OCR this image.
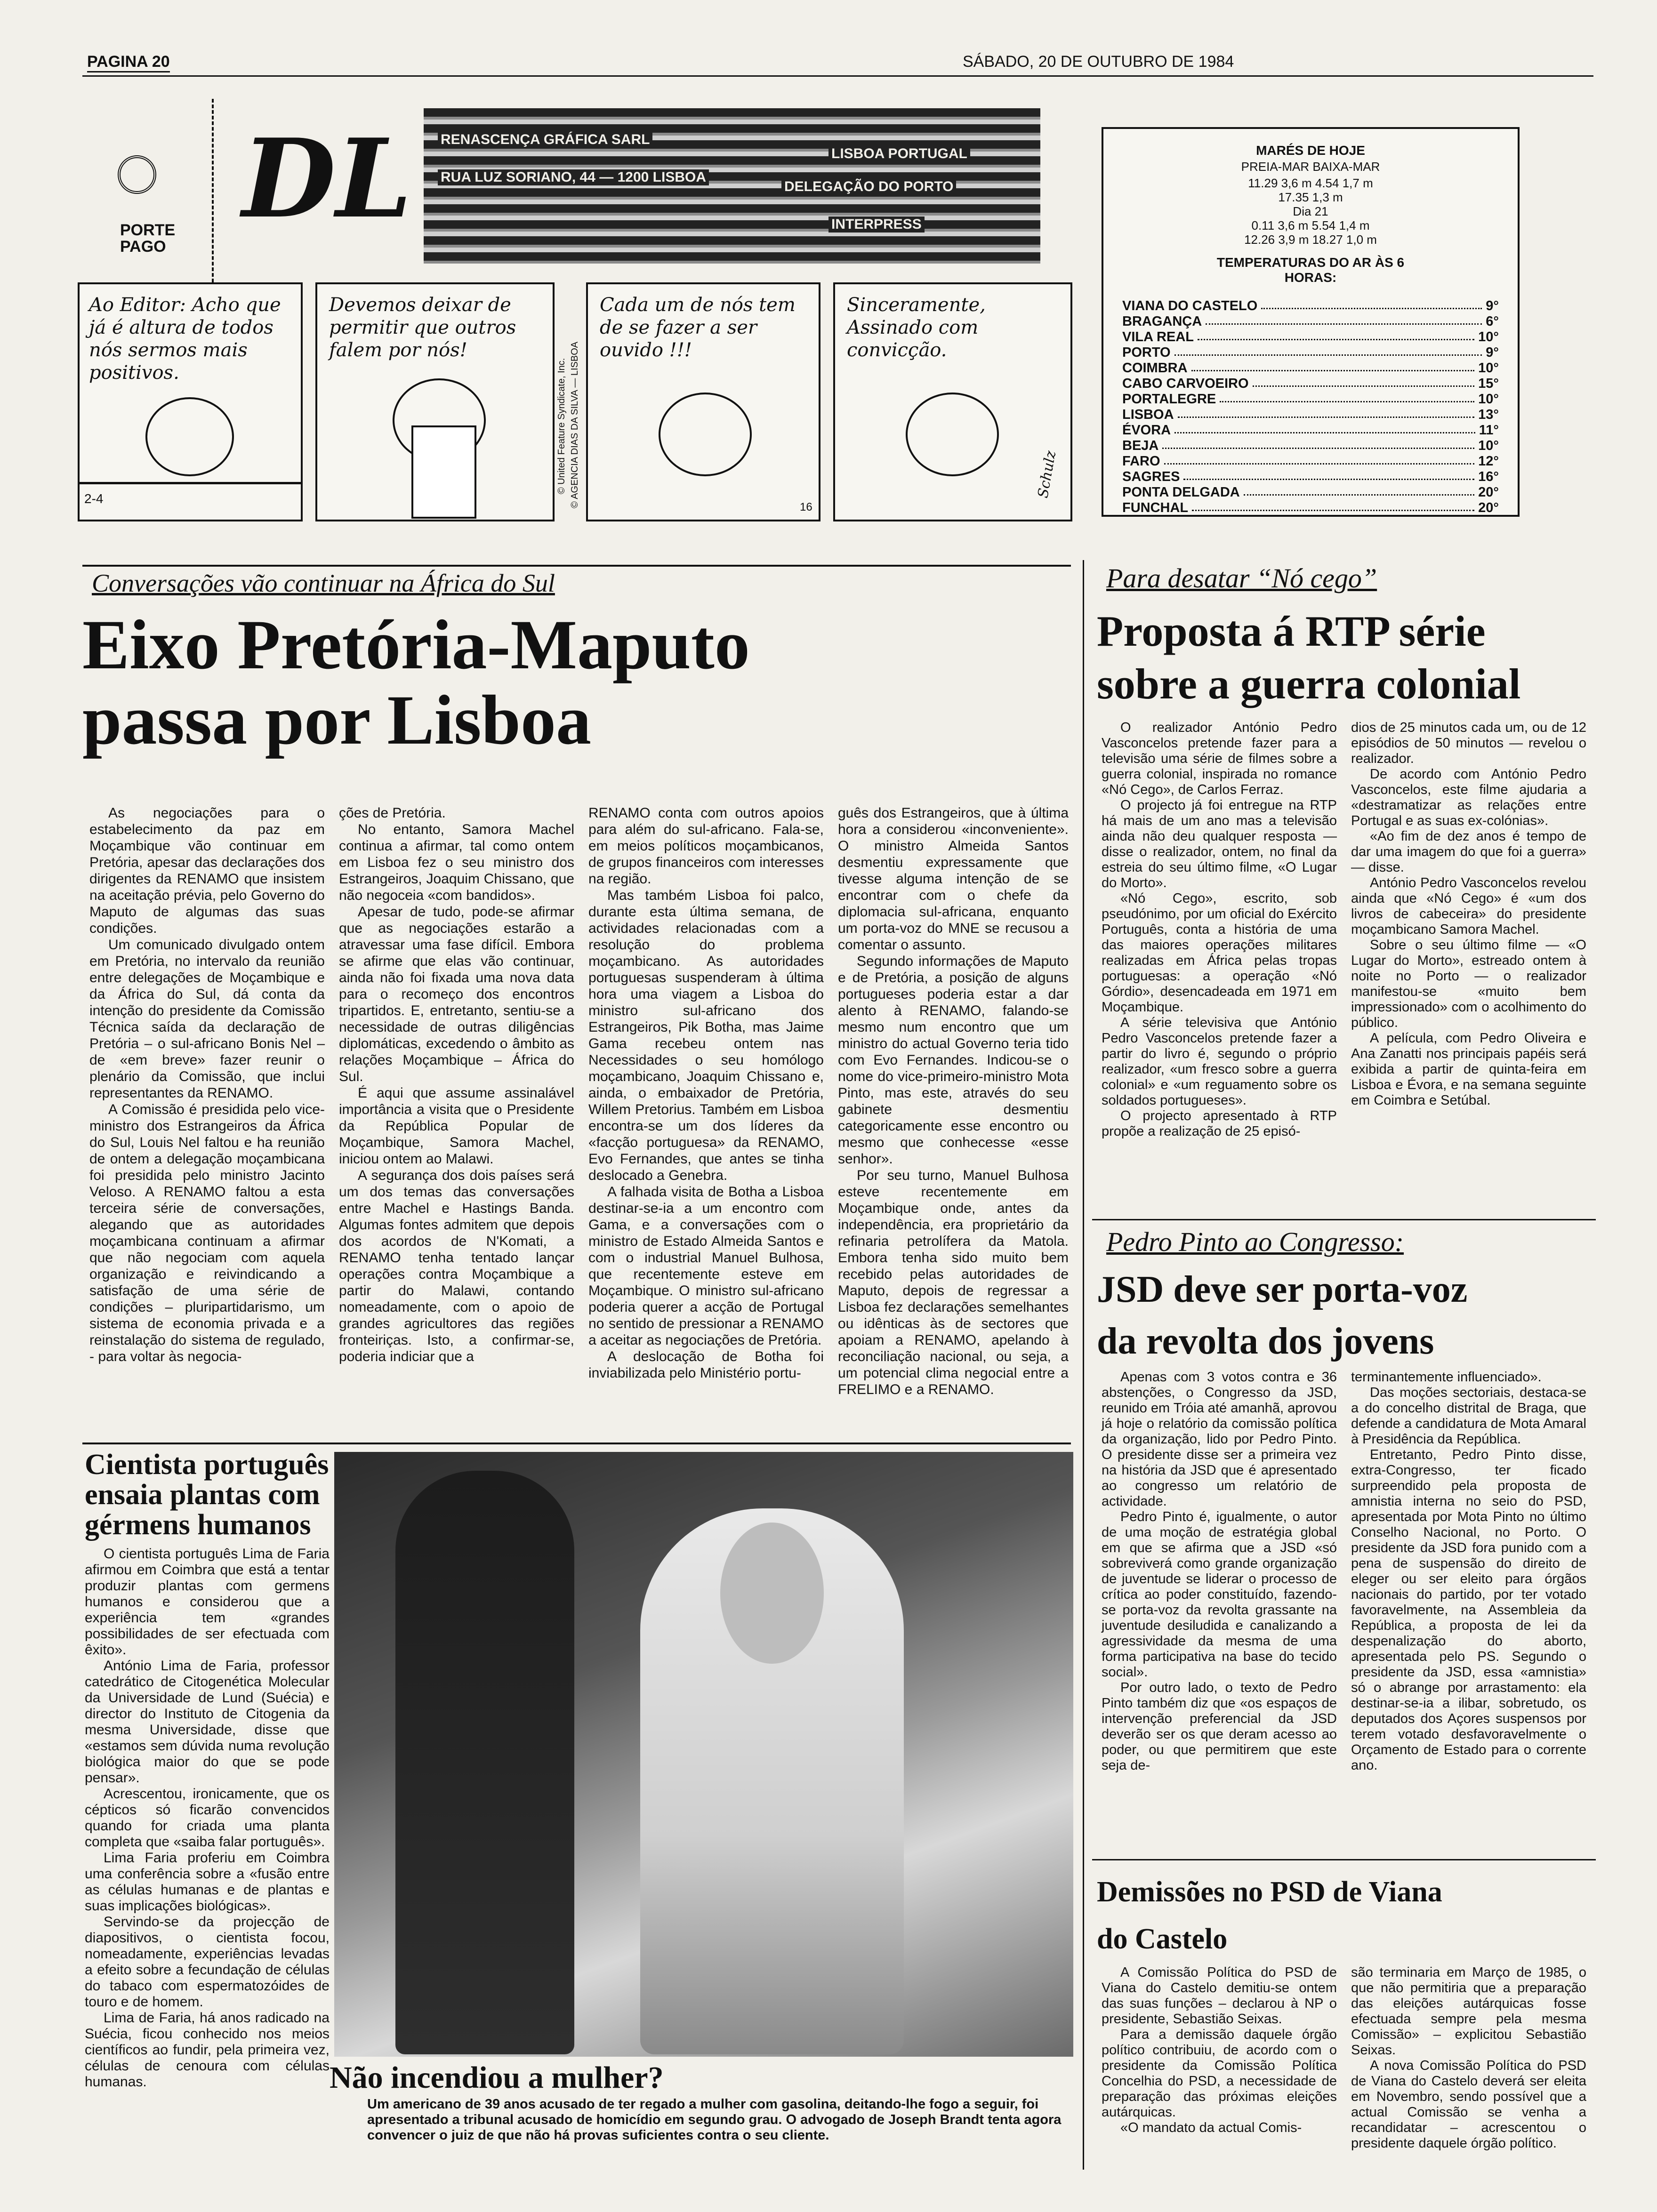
PAGINA 20	SÁBADO, 20 DE OUTUBRO DE 1984
PORTE
PAGO
DL RENASCENÇA GRÁFICA SARL
RUA LUZ SORIANO, 44 — 1200 LISBOA
DELEGAÇÃO DO PORTO
LISBOA PORTUGAL
INTERPRESS
Ao Editor: Acho que já é altura de todos nós sermos mais positivos.
2-4
Devemos deixar de permitir que outros falem por nós!	© AGENCIA DIAS DA SILVA — LISBOA
© United Feature Syndicate, Inc.
Cada um de nós tem de se fazer a ser ouvido !!!
16
Sinceramente, Assinado com convicção.
Schulz
MARÉS DE HOJE
PREIA-MAR BAIXA-MAR
11.29 3,6 m 4.54 1,7 m
17.35 1,3 m
Dia 21
0.11 3,6 m 5.54 1,4 m
12.26 3,9 m 18.27 1,0 m
TEMPERATURAS DO AR ÀS 6 HORAS:
VIANA DO CASTELO	9°
BRAGANÇA	6°
VILA REAL	10°
PORTO	9°
COIMBRA	10°
CABO CARVOEIRO	15°
PORTALEGRE	10°
LISBOA	13°
ÉVORA	11°
BEJA	10°
FARO	12°
SAGRES	16°
PONTA DELGADA	20°
FUNCHAL	20°
Conversações vão continuar na África do Sul
Eixo Pretória-Maputo
passa por Lisboa

As negociações para o estabelecimento da paz em Moçambique vão continuar em Pretória, apesar das declarações dos dirigentes da RENAMO que insistem na aceitação prévia, pelo Governo do Maputo de algumas das suas condições.

Um comunicado divulgado ontem em Pretória, no intervalo da reunião entre delegações de Moçambique e da África do Sul, dá conta da intenção do presidente da Comissão Técnica saída da declaração de Pretória – o sul-africano Bonis Nel – de «em breve» fazer reunir o plenário da Comissão, que inclui representantes da RENAMO.

A Comissão é presidida pelo vice-ministro dos Estrangeiros da África do Sul, Louis Nel faltou e ha reunião de ontem a delegação moçambicana foi presidida pelo ministro Jacinto Veloso. A RENAMO faltou a esta terceira série de conversações, alegando que as autoridades moçambicana continuam a afirmar que não negociam com aquela organização e reivindicando a satisfação de uma série de condições – pluripartidarismo, um sistema de economia privada e a reinstalação do sistema de regulado, - para voltar às negocia-

ções de Pretória.

No entanto, Samora Machel continua a afirmar, tal como ontem em Lisboa fez o seu ministro dos Estrangeiros, Joaquim Chissano, que não negoceia «com bandidos».

Apesar de tudo, pode-se afirmar que as negociações estarão a atravessar uma fase difícil. Embora se afirme que elas vão continuar, ainda não foi fixada uma nova data para o recomeço dos encontros tripartidos. E, entretanto, sentiu-se a necessidade de outras diligências diplomáticas, excedendo o âmbito as relações Moçambique – África do Sul.

É aqui que assume assinalável importância a visita que o Presidente da República Popular de Moçambique, Samora Machel, iniciou ontem ao Malawi.

A segurança dos dois países será um dos temas das conversações entre Machel e Hastings Banda. Algumas fontes admitem que depois dos acordos de N'Komati, a RENAMO tenha tentado lançar operações contra Moçambique a partir do Malawi, contando nomeadamente, com o apoio de grandes agricultores das regiões fronteiriças. Isto, a confirmar-se, poderia indiciar que a

RENAMO conta com outros apoios para além do sul-africano. Fala-se, em meios políticos moçambicanos, de grupos financeiros com interesses na região.

Mas também Lisboa foi palco, durante esta última semana, de actividades relacionadas com a resolução do problema moçambicano. As autoridades portuguesas suspenderam à última hora uma viagem a Lisboa do ministro sul-africano dos Estrangeiros, Pik Botha, mas Jaime Gama recebeu ontem nas Necessidades o seu homólogo moçambicano, Joaquim Chissano e, ainda, o embaixador de Pretória, Willem Pretorius. Também em Lisboa encontra-se um dos líderes da «facção portuguesa» da RENAMO, Evo Fernandes, que antes se tinha deslocado a Genebra.

A falhada visita de Botha a Lisboa destinar-se-ia a um encontro com Gama, e a conversações com o ministro de Estado Almeida Santos e com o industrial Manuel Bulhosa, que recentemente esteve em Moçambique. O ministro sul-africano poderia querer a acção de Portugal no sentido de pressionar a RENAMO a aceitar as negociações de Pretória.

A deslocação de Botha foi inviabilizada pelo Ministério portu-

guês dos Estrangeiros, que à última hora a considerou «inconveniente». O ministro Almeida Santos desmentiu expressamente que tivesse alguma intenção de se encontrar com o chefe da diplomacia sul-africana, enquanto um porta-voz do MNE se recusou a comentar o assunto.

Segundo informações de Maputo e de Pretória, a posição de alguns portugueses poderia estar a dar alento à RENAMO, falando-se mesmo num encontro que um ministro do actual Governo teria tido com Evo Fernandes. Indicou-se o nome do vice-primeiro-ministro Mota Pinto, mas este, através do seu gabinete desmentiu categoricamente esse encontro ou mesmo que conhecesse «esse senhor».

Por seu turno, Manuel Bulhosa esteve recentemente em Moçambique onde, antes da independência, era proprietário da refinaria petrolífera da Matola. Embora tenha sido muito bem recebido pelas autoridades de Maputo, depois de regressar a Lisboa fez declarações semelhantes ou idênticas às de sectores que apoiam a RENAMO, apelando à reconciliação nacional, ou seja, a um potencial clima negocial entre a FRELIMO e a RENAMO.

Para desatar “Nó cego”
Proposta á RTP série
sobre a guerra colonial

O realizador António Pedro Vasconcelos pretende fazer para a televisão uma série de filmes sobre a guerra colonial, inspirada no romance «Nó Cego», de Carlos Ferraz.

O projecto já foi entregue na RTP há mais de um ano mas a televisão ainda não deu qualquer resposta — disse o realizador, ontem, no final da estreia do seu último filme, «O Lugar do Morto».

«Nó Cego», escrito, sob pseudónimo, por um oficial do Exército Português, conta a história de uma das maiores operações militares realizadas em África pelas tropas portuguesas: a operação «Nó Górdio», desencadeada em 1971 em Moçambique.

A série televisiva que António Pedro Vasconcelos pretende fazer a partir do livro é, segundo o próprio realizador, «um fresco sobre a guerra colonial» e «um reguamento sobre os soldados portugueses».

O projecto apresentado à RTP propõe a realização de 25 episó-

dios de 25 minutos cada um, ou de 12 episódios de 50 minutos — revelou o realizador.

De acordo com António Pedro Vasconcelos, este filme ajudaria a «destramatizar as relações entre Portugal e as suas ex-colónias».

«Ao fim de dez anos é tempo de dar uma imagem do que foi a guerra» — disse.

António Pedro Vasconcelos revelou ainda que «Nó Cego» é «um dos livros de cabeceira» do presidente moçambicano Samora Machel.

Sobre o seu último filme — «O Lugar do Morto», estreado ontem à noite no Porto — o realizador manifestou-se «muito bem impressionado» com o acolhimento do público.

A película, com Pedro Oliveira e Ana Zanatti nos principais papéis será exibida a partir de quinta-feira em Lisboa e Évora, e na semana seguinte em Coimbra e Setúbal.

Pedro Pinto ao Congresso:
JSD deve ser porta-voz
da revolta dos jovens

Apenas com 3 votos contra e 36 abstenções, o Congresso da JSD, reunido em Tróia até amanhã, aprovou já hoje o relatório da comissão política da organização, lido por Pedro Pinto. O presidente disse ser a primeira vez na história da JSD que é apresentado ao congresso um relatório de actividade.

Pedro Pinto é, igualmente, o autor de uma moção de estratégia global em que se afirma que a JSD «só sobreviverá como grande organização de juventude se liderar o processo de crítica ao poder constituído, fazendo-se porta-voz da revolta grassante na juventude desiludida e canalizando a agressividade da mesma de uma forma participativa na base do tecido social».

Por outro lado, o texto de Pedro Pinto também diz que «os espaços de intervenção preferencial da JSD deverão ser os que deram acesso ao poder, ou que permitirem que este seja de-

terminantemente influenciado».

Das moções sectoriais, destaca-se a do concelho distrital de Braga, que defende a candidatura de Mota Amaral à Presidência da República.

Entretanto, Pedro Pinto disse, extra-Congresso, ter ficado surpreendido pela proposta de amnistia interna no seio do PSD, apresentada por Mota Pinto no último Conselho Nacional, no Porto. O presidente da JSD fora punido com a pena de suspensão do direito de eleger ou ser eleito para órgãos nacionais do partido, por ter votado favoravelmente, na Assembleia da República, a proposta de lei da despenalização do aborto, apresentada pelo PS. Segundo o presidente da JSD, essa «amnistia» só o abrange por arrastamento: ela destinar-se-ia a ilibar, sobretudo, os deputados dos Açores suspensos por terem votado desfavoravelmente o Orçamento de Estado para o corrente ano.

Demissões no PSD de Viana
do Castelo

A Comissão Política do PSD de Viana do Castelo demitiu-se ontem das suas funções – declarou à NP o presidente, Sebastião Seixas.

Para a demissão daquele órgão político contribuiu, de acordo com o presidente da Comissão Política Concelhia do PSD, a necessidade de preparação das próximas eleições autárquicas.

«O mandato da actual Comis-

são terminaria em Março de 1985, o que não permitiria que a preparação das eleições autárquicas fosse efectuada sempre pela mesma Comissão» – explicitou Sebastião Seixas.

A nova Comissão Política do PSD de Viana do Castelo deverá ser eleita em Novembro, sendo possível que a actual Comissão se venha a recandidatar – acrescentou o presidente daquele órgão político.

Cientista português ensaia plantas com gérmens humanos

O cientista português Lima de Faria afirmou em Coimbra que está a tentar produzir plantas com germens humanos e considerou que a experiência tem «grandes possibilidades de ser efectuada com êxito».

António Lima de Faria, professor catedrático de Citogenética Molecular da Universidade de Lund (Suécia) e director do Instituto de Citogenia da mesma Universidade, disse que «estamos sem dúvida numa revolução biológica maior do que se pode pensar».

Acrescentou, ironicamente, que os cépticos só ficarão convencidos quando for criada uma planta completa que «saiba falar português».

Lima Faria proferiu em Coimbra uma conferência sobre a «fusão entre as células humanas e de plantas e suas implicações biológicas».

Servindo-se da projecção de diapositivos, o cientista focou, nomeadamente, experiências levadas a efeito sobre a fecundação de células do tabaco com espermatozóides de touro e de homem.

Lima de Faria, há anos radicado na Suécia, ficou conhecido nos meios científicos ao fundir, pela primeira vez, células de cenoura com células humanas.	Não incendiou a mulher?
Um americano de 39 anos acusado de ter regado a mulher com gasolina, deitando-lhe fogo a seguir, foi apresentado a tribunal acusado de homicídio em segundo grau. O advogado de Joseph Brandt tenta agora convencer o juiz de que não há provas suficientes contra o seu cliente.
